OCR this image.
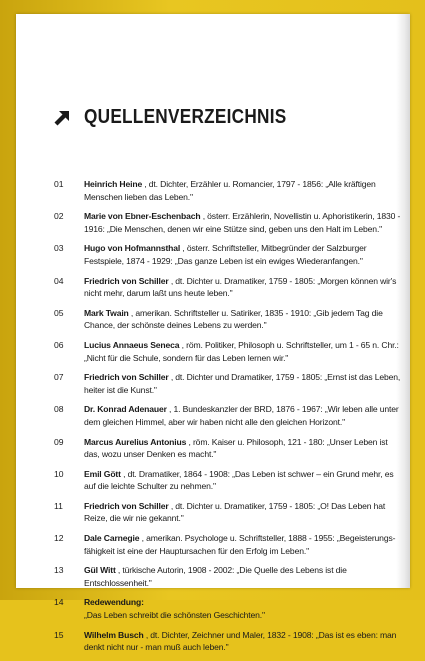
QUELLENVERZEICHNIS
01	Heinrich Heine , dt. Dichter, Erzähler u. Romancier, 1797 - 1856: „Alle kräftigen Menschen lieben das Leben."
02	Marie von Ebner-Eschenbach , österr. Erzählerin, Novellistin u. Aphoristikerin, 1830 - 1916: „Die Menschen, denen wir eine Stütze sind, geben uns den Halt im Leben."
03	Hugo von Hofmannsthal , österr. Schriftsteller, Mitbegründer der Salzburger Festspiele, 1874 - 1929: „Das ganze Leben ist ein ewiges Wiederanfangen."
04	Friedrich von Schiller , dt. Dichter u. Dramatiker, 1759 - 1805: „Morgen können wir's nicht mehr, darum laßt uns heute leben."
05	Mark Twain , amerikan. Schriftsteller u. Satiriker, 1835 - 1910: „Gib jedem Tag die Chance, der schönste deines Lebens zu werden."
06	Lucius Annaeus Seneca , röm. Politiker, Philosoph u. Schriftsteller, um 1 - 65 n. Chr.:„Nicht für die Schule, sondern für das Leben lernen wir."
07	Friedrich von Schiller , dt. Dichter und Dramatiker, 1759 - 1805: „Ernst ist das Leben, heiter ist die Kunst."
08	Dr. Konrad Adenauer , 1. Bundeskanzler der BRD, 1876 - 1967: „Wir leben alle unter dem gleichen Himmel, aber wir haben nicht alle den gleichen Horizont."
09	Marcus Aurelius Antonius , röm. Kaiser u. Philosoph, 121 - 180: „Unser Leben ist das, wozu unser Denken es macht."
10	Emil Gött , dt. Dramatiker, 1864 - 1908: „Das Leben ist schwer – ein Grund mehr, es auf die leichte Schulter zu nehmen."
11	Friedrich von Schiller , dt. Dichter u. Dramatiker, 1759 - 1805: „O! Das Leben hat Reize, die wir nie gekannt."
12	Dale Carnegie , amerikan. Psychologe u. Schriftsteller, 1888 - 1955: „Begeisterungs-fähigkeit ist eine der Hauptursachen für den Erfolg im Leben."
13	Gül Witt , türkische Autorin, 1908 - 2002: „Die Quelle des Lebens ist die Entschlossenheit."
14	Redewendung:
„Das Leben schreibt die schönsten Geschichten."
15	Wilhelm Busch , dt. Dichter, Zeichner und Maler, 1832 - 1908: „Das ist es eben: man denkt nicht nur - man muß auch leben."
